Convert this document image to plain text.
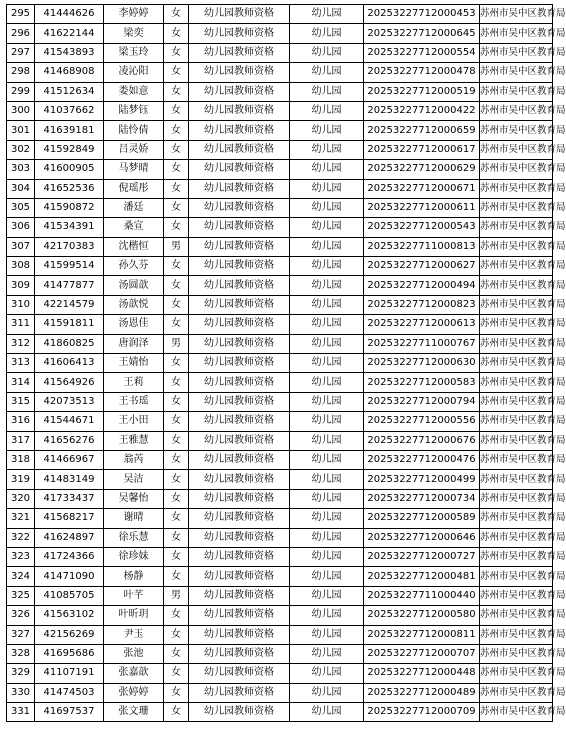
295	41444626	李婷婷	女	幼儿园教师资格	幼儿园	20253227712000453	苏州市吴中区教育局
296	41622144	梁奕	女	幼儿园教师资格	幼儿园	20253227712000645	苏州市吴中区教育局
297	41543893	梁玉玲	女	幼儿园教师资格	幼儿园	20253227712000554	苏州市吴中区教育局
298	41468908	凌沁阳	女	幼儿园教师资格	幼儿园	20253227712000478	苏州市吴中区教育局
299	41512634	娄如意	女	幼儿园教师资格	幼儿园	20253227712000519	苏州市吴中区教育局
300	41037662	陆梦钰	女	幼儿园教师资格	幼儿园	20253227712000422	苏州市吴中区教育局
301	41639181	陆怜倩	女	幼儿园教师资格	幼儿园	20253227712000659	苏州市吴中区教育局
302	41592849	吕灵娇	女	幼儿园教师资格	幼儿园	20253227712000617	苏州市吴中区教育局
303	41600905	马梦晴	女	幼儿园教师资格	幼儿园	20253227712000629	苏州市吴中区教育局
304	41652536	倪瑶彤	女	幼儿园教师资格	幼儿园	20253227712000671	苏州市吴中区教育局
305	41590872	潘廷	女	幼儿园教师资格	幼儿园	20253227712000611	苏州市吴中区教育局
306	41534391	桑宣	女	幼儿园教师资格	幼儿园	20253227712000543	苏州市吴中区教育局
307	42170383	沈楷恒	男	幼儿园教师资格	幼儿园	20253227711000813	苏州市吴中区教育局
308	41599514	孙久芬	女	幼儿园教师资格	幼儿园	20253227712000627	苏州市吴中区教育局
309	41477877	汤圆歆	女	幼儿园教师资格	幼儿园	20253227712000494	苏州市吴中区教育局
310	42214579	汤歆悦	女	幼儿园教师资格	幼儿园	20253227712000823	苏州市吴中区教育局
311	41591811	汤恩佳	女	幼儿园教师资格	幼儿园	20253227712000613	苏州市吴中区教育局
312	41860825	唐润泽	男	幼儿园教师资格	幼儿园	20253227711000767	苏州市吴中区教育局
313	41606413	王婧怡	女	幼儿园教师资格	幼儿园	20253227712000630	苏州市吴中区教育局
314	41564926	王莉	女	幼儿园教师资格	幼儿园	20253227712000583	苏州市吴中区教育局
315	42073513	王书瑶	女	幼儿园教师资格	幼儿园	20253227712000794	苏州市吴中区教育局
316	41544671	王小田	女	幼儿园教师资格	幼儿园	20253227712000556	苏州市吴中区教育局
317	41656276	王雅慧	女	幼儿园教师资格	幼儿园	20253227712000676	苏州市吴中区教育局
318	41466967	翁芮	女	幼儿园教师资格	幼儿园	20253227712000476	苏州市吴中区教育局
319	41483149	吴洁	女	幼儿园教师资格	幼儿园	20253227712000499	苏州市吴中区教育局
320	41733437	吴馨怡	女	幼儿园教师资格	幼儿园	20253227712000734	苏州市吴中区教育局
321	41568217	谢晴	女	幼儿园教师资格	幼儿园	20253227712000589	苏州市吴中区教育局
322	41624897	徐乐慧	女	幼儿园教师资格	幼儿园	20253227712000646	苏州市吴中区教育局
323	41724366	徐珍妹	女	幼儿园教师资格	幼儿园	20253227712000727	苏州市吴中区教育局
324	41471090	杨静	女	幼儿园教师资格	幼儿园	20253227712000481	苏州市吴中区教育局
325	41085705	叶芊	男	幼儿园教师资格	幼儿园	20253227711000440	苏州市吴中区教育局
326	41563102	叶昕玥	女	幼儿园教师资格	幼儿园	20253227712000580	苏州市吴中区教育局
327	42156269	尹玉	女	幼儿园教师资格	幼儿园	20253227712000811	苏州市吴中区教育局
328	41695686	张池	女	幼儿园教师资格	幼儿园	20253227712000707	苏州市吴中区教育局
329	41107191	张嘉歆	女	幼儿园教师资格	幼儿园	20253227712000448	苏州市吴中区教育局
330	41474503	张婷婷	女	幼儿园教师资格	幼儿园	20253227712000489	苏州市吴中区教育局
331	41697537	张文珊	女	幼儿园教师资格	幼儿园	20253227712000709	苏州市吴中区教育局
